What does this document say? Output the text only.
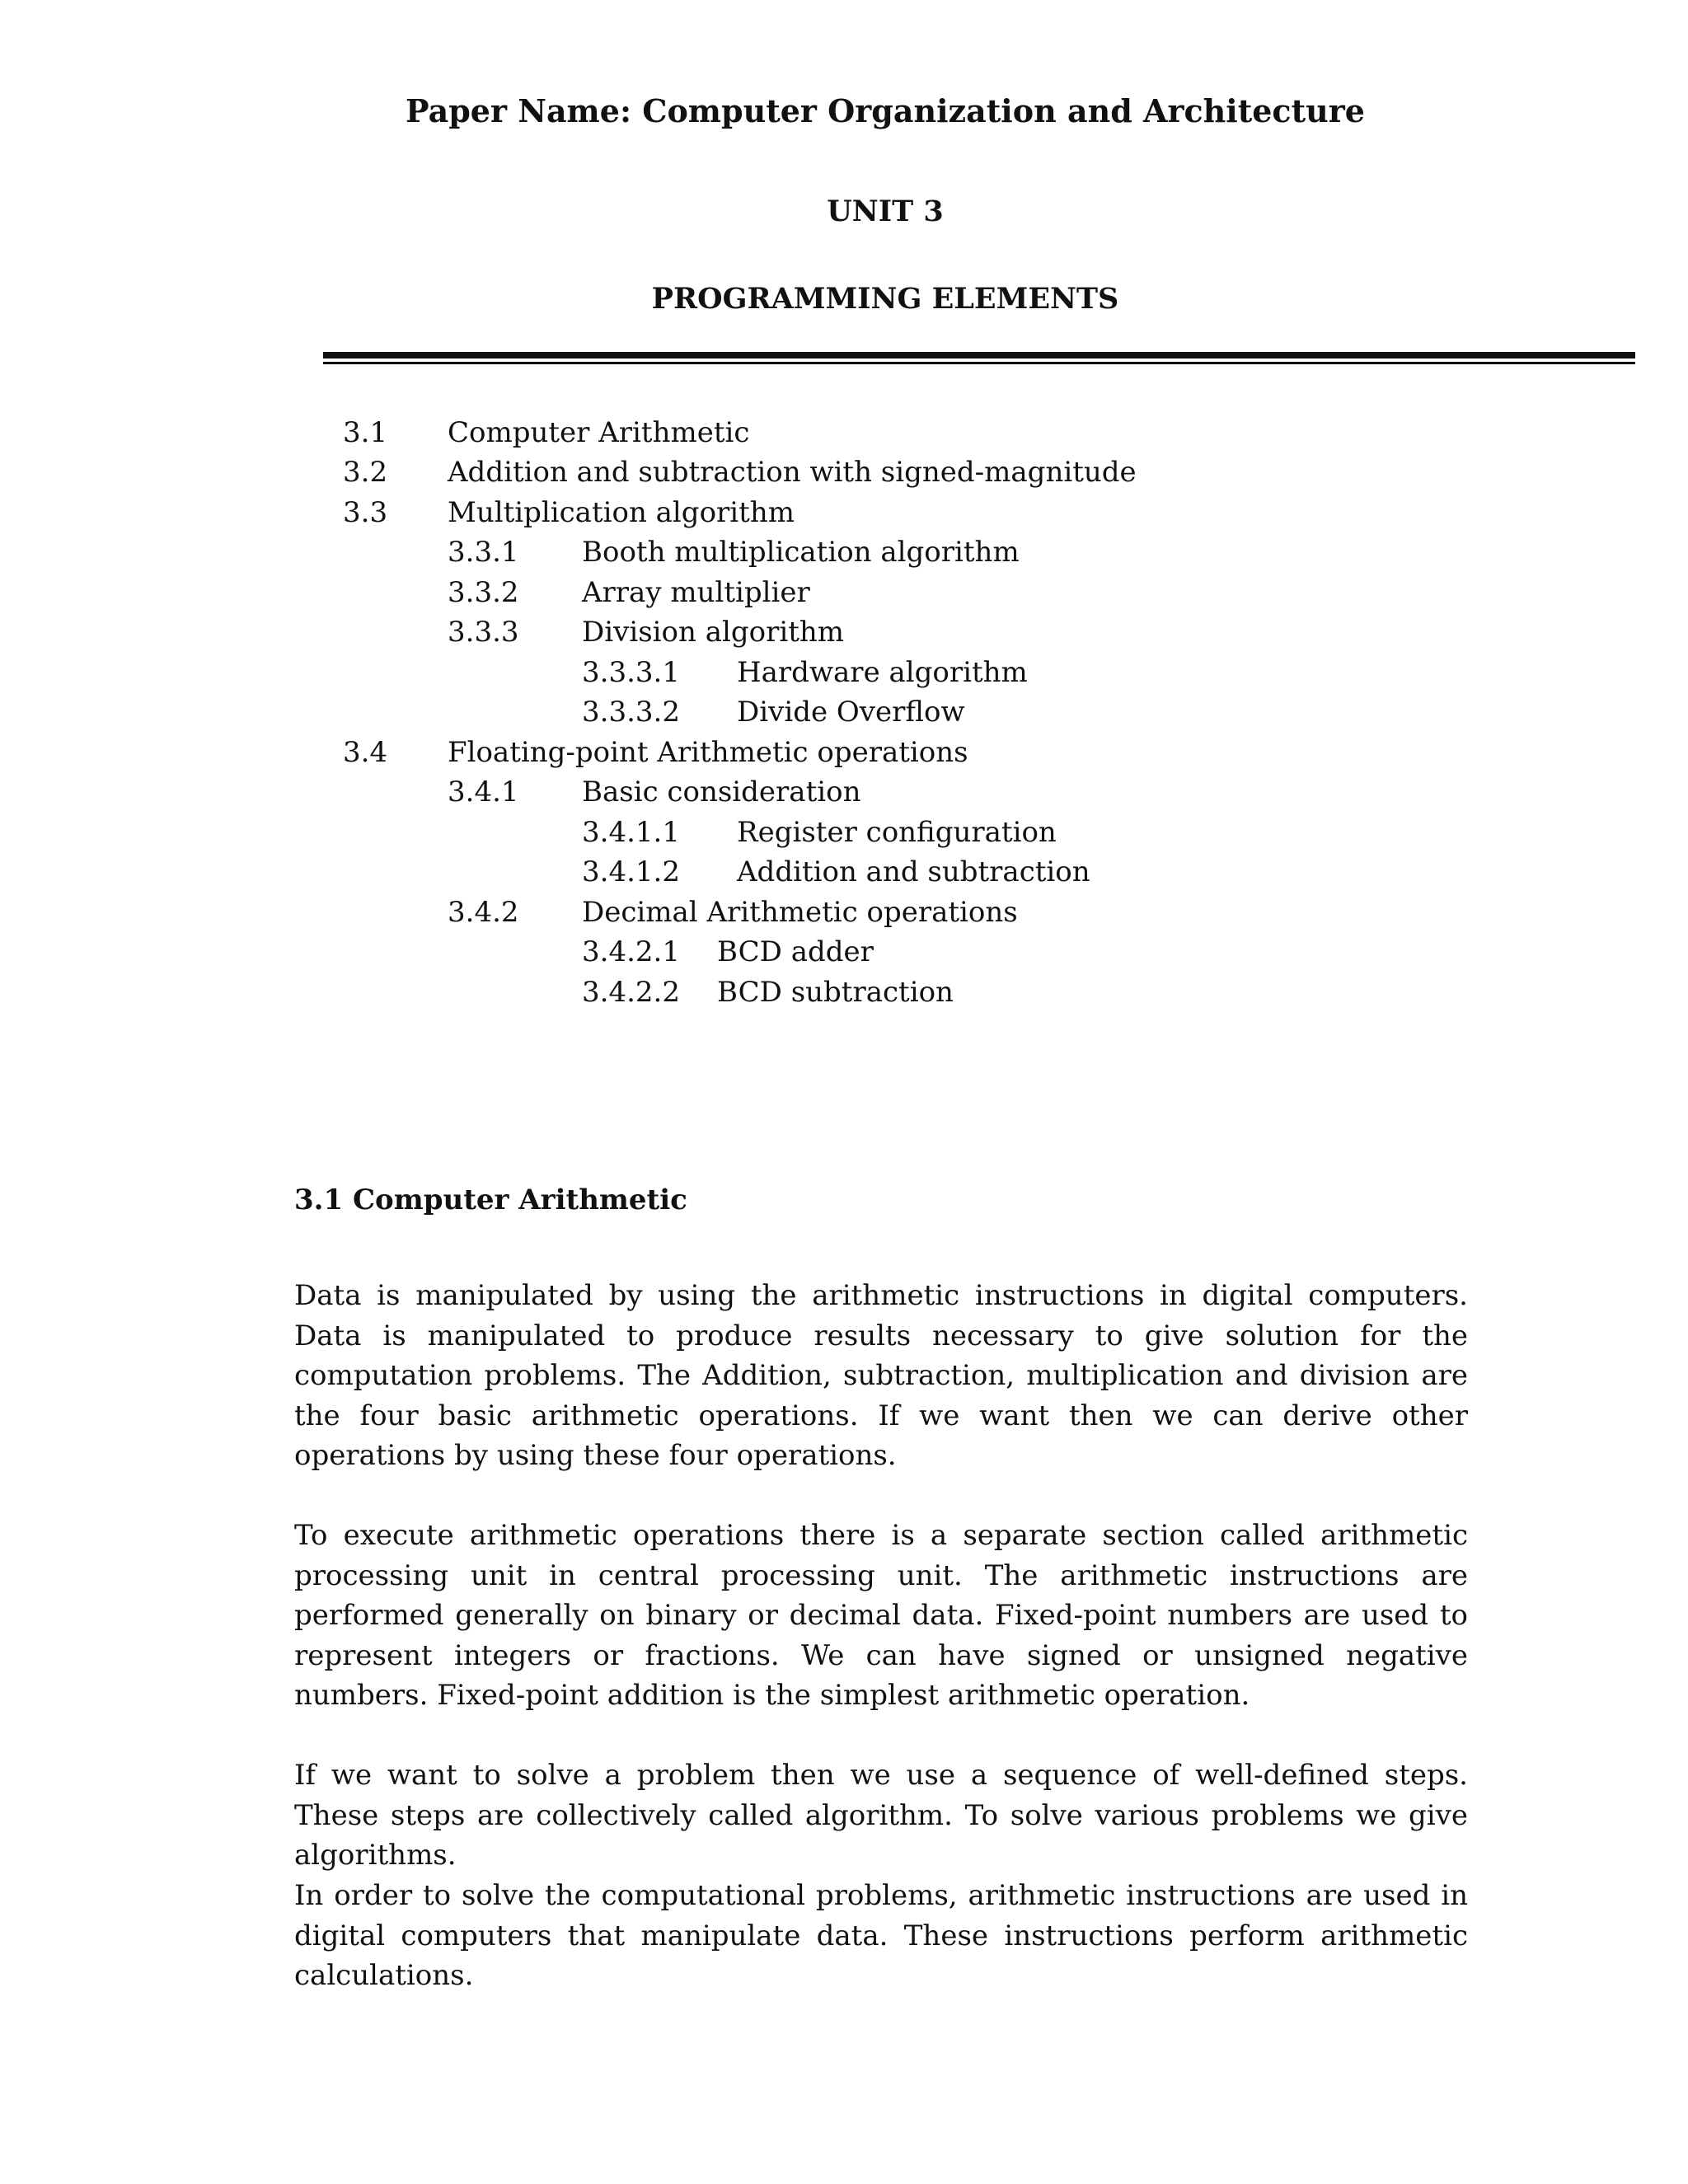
Paper Name: Computer Organization and Architecture
UNIT 3
PROGRAMMING ELEMENTS
3.1 Computer Arithmetic
3.2 Addition and subtraction with signed-magnitude
3.3 Multiplication algorithm
3.3.1 Booth multiplication algorithm
3.3.2 Array multiplier
3.3.3 Division algorithm
3.3.3.1 Hardware algorithm
3.3.3.2 Divide Overflow
3.4 Floating-point Arithmetic operations
3.4.1 Basic consideration
3.4.1.1 Register configuration
3.4.1.2 Addition and subtraction
3.4.2 Decimal Arithmetic operations
3.4.2.1 BCD adder
3.4.2.2 BCD subtraction
3.1 Computer Arithmetic

Data is manipulated by using the arithmetic instructions in digital computers. Data is manipulated to produce results necessary to give solution for the computation problems. The Addition, subtraction, multiplication and division are the four basic arithmetic operations. If we want then we can derive other operations by using these four operations.

To execute arithmetic operations there is a separate section called arithmetic processing unit in central processing unit. The arithmetic instructions are performed generally on binary or decimal data. Fixed-point numbers are used to represent integers or fractions. We can have signed or unsigned negative numbers. Fixed-point addition is the simplest arithmetic operation.

If we want to solve a problem then we use a sequence of well-defined steps. These steps are collectively called algorithm. To solve various problems we give algorithms.

In order to solve the computational problems, arithmetic instructions are used in digital computers that manipulate data. These instructions perform arithmetic calculations.
